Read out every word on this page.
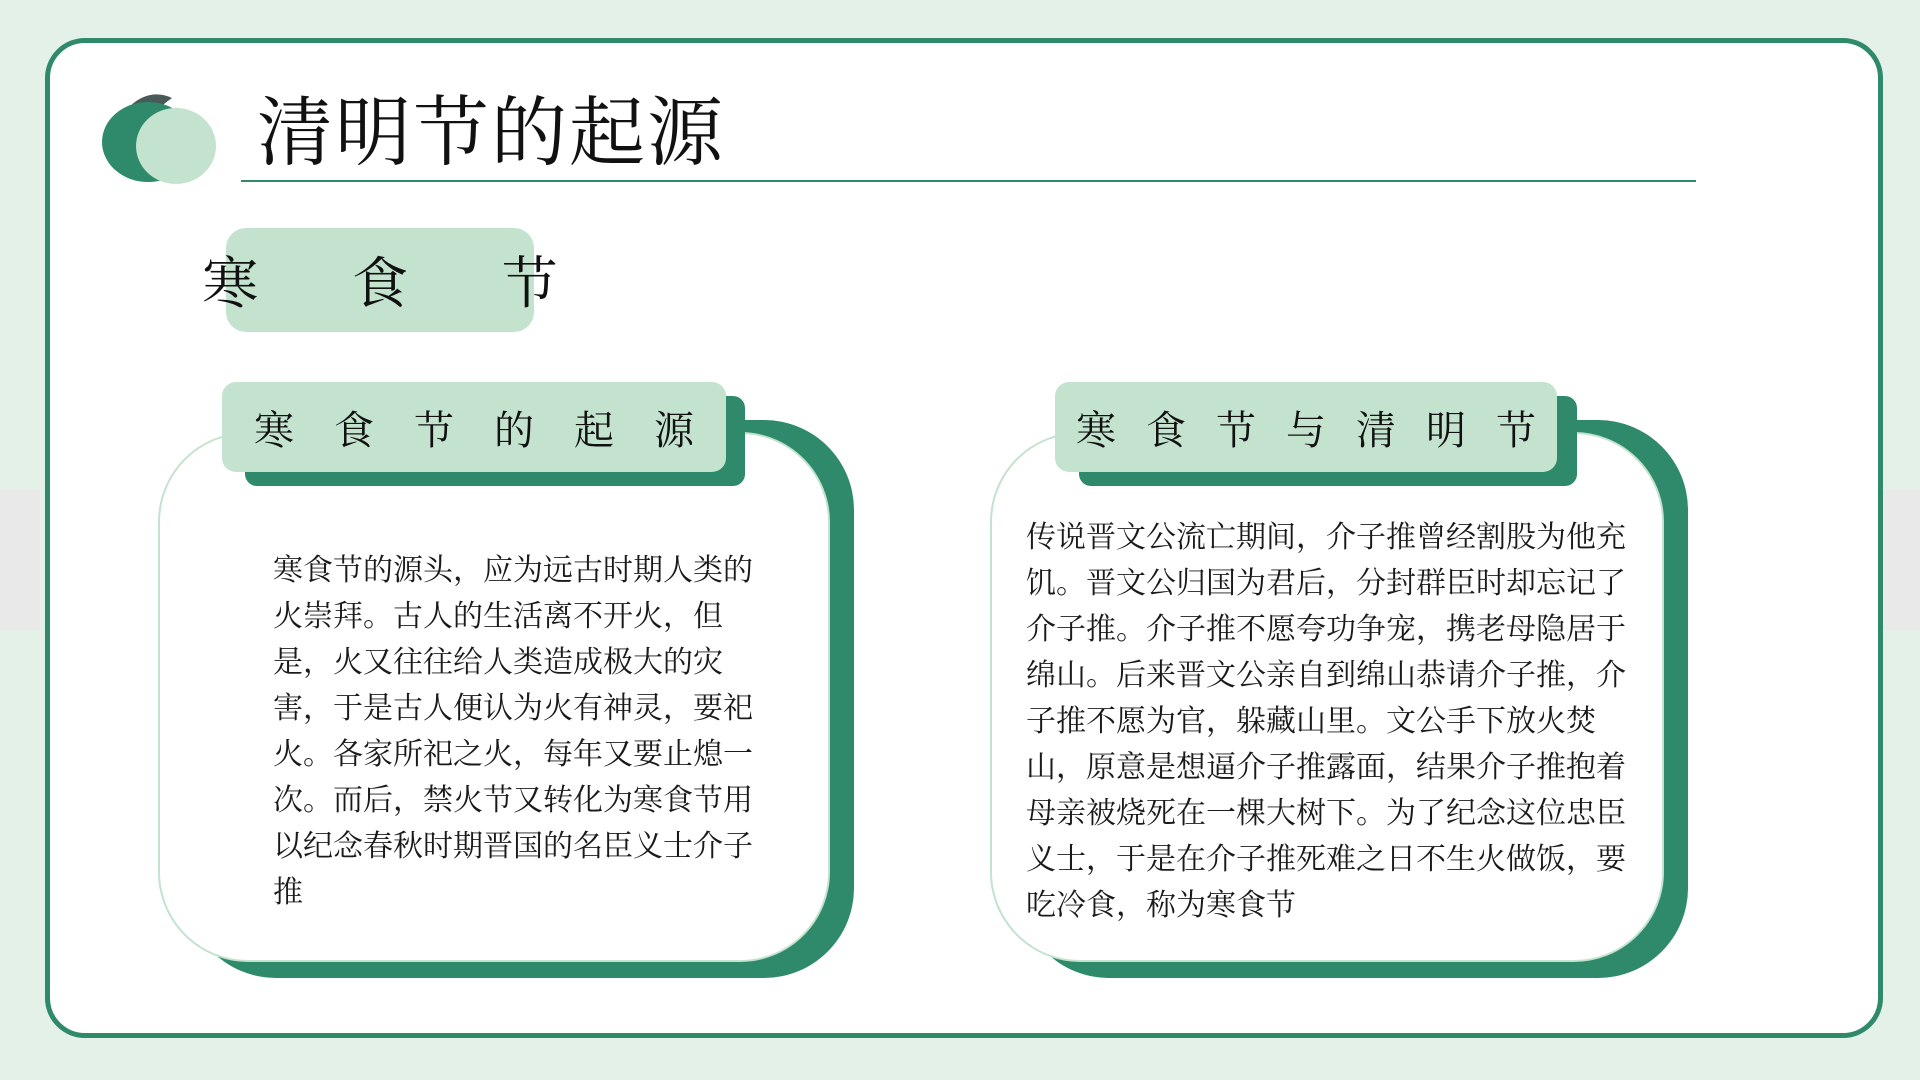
清明节的起源
寒 食 节
寒食节的起源
寒食节的源头，应为远古时期人类的火崇拜。古人的生活离不开火，但是，火又往往给人类造成极大的灾害，于是古人便认为火有神灵，要祀火。各家所祀之火，每年又要止熄一次。而后，禁火节又转化为寒食节用以纪念春秋时期晋国的名臣义士介子推
寒食节与清明节
传说晋文公流亡期间，介子推曾经割股为他充饥。晋文公归国为君后，分封群臣时却忘记了介子推。介子推不愿夸功争宠，携老母隐居于绵山。后来晋文公亲自到绵山恭请介子推，介子推不愿为官，躲藏山里。文公手下放火焚山，原意是想逼介子推露面，结果介子推抱着母亲被烧死在一棵大树下。为了纪念这位忠臣义士，于是在介子推死难之日不生火做饭，要吃冷食，称为寒食节
